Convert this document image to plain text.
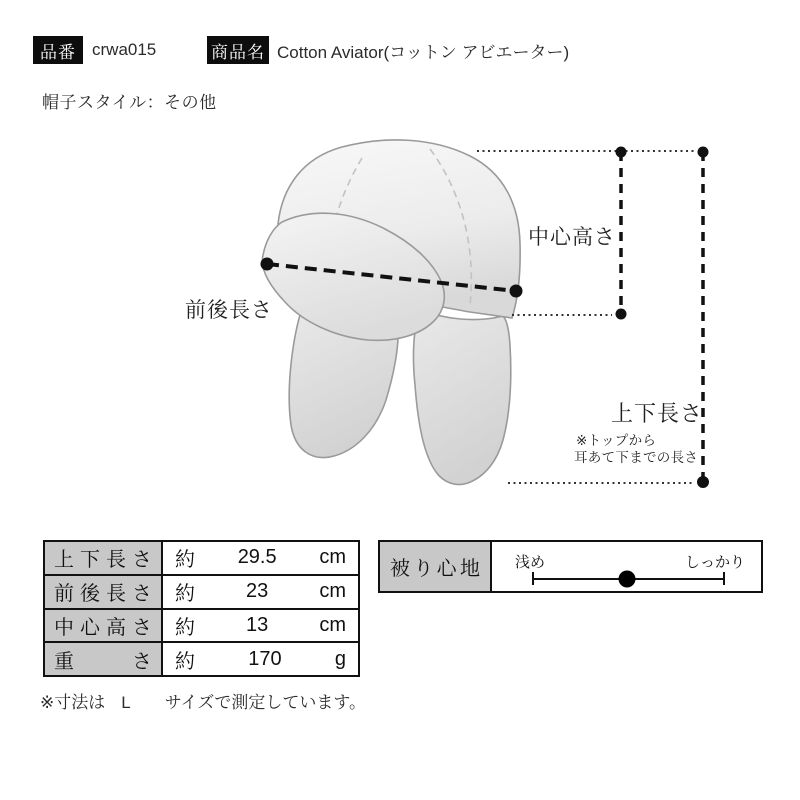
品番 crwa015	商品名 Cotton Aviator(コットン アビエーター)
帽子スタイル：その他
前後長さ
中心高さ
上下長さ
※トップから
耳あて下までの長さ
上 下 長 さ 約	29.5	cm
前 後 長 さ 約	23	cm
中 心 高 さ 約	13	cm
重	さ 約	170	g
被 り 心 地 浅め	しっかり
※寸法は L サイズで測定しています。
